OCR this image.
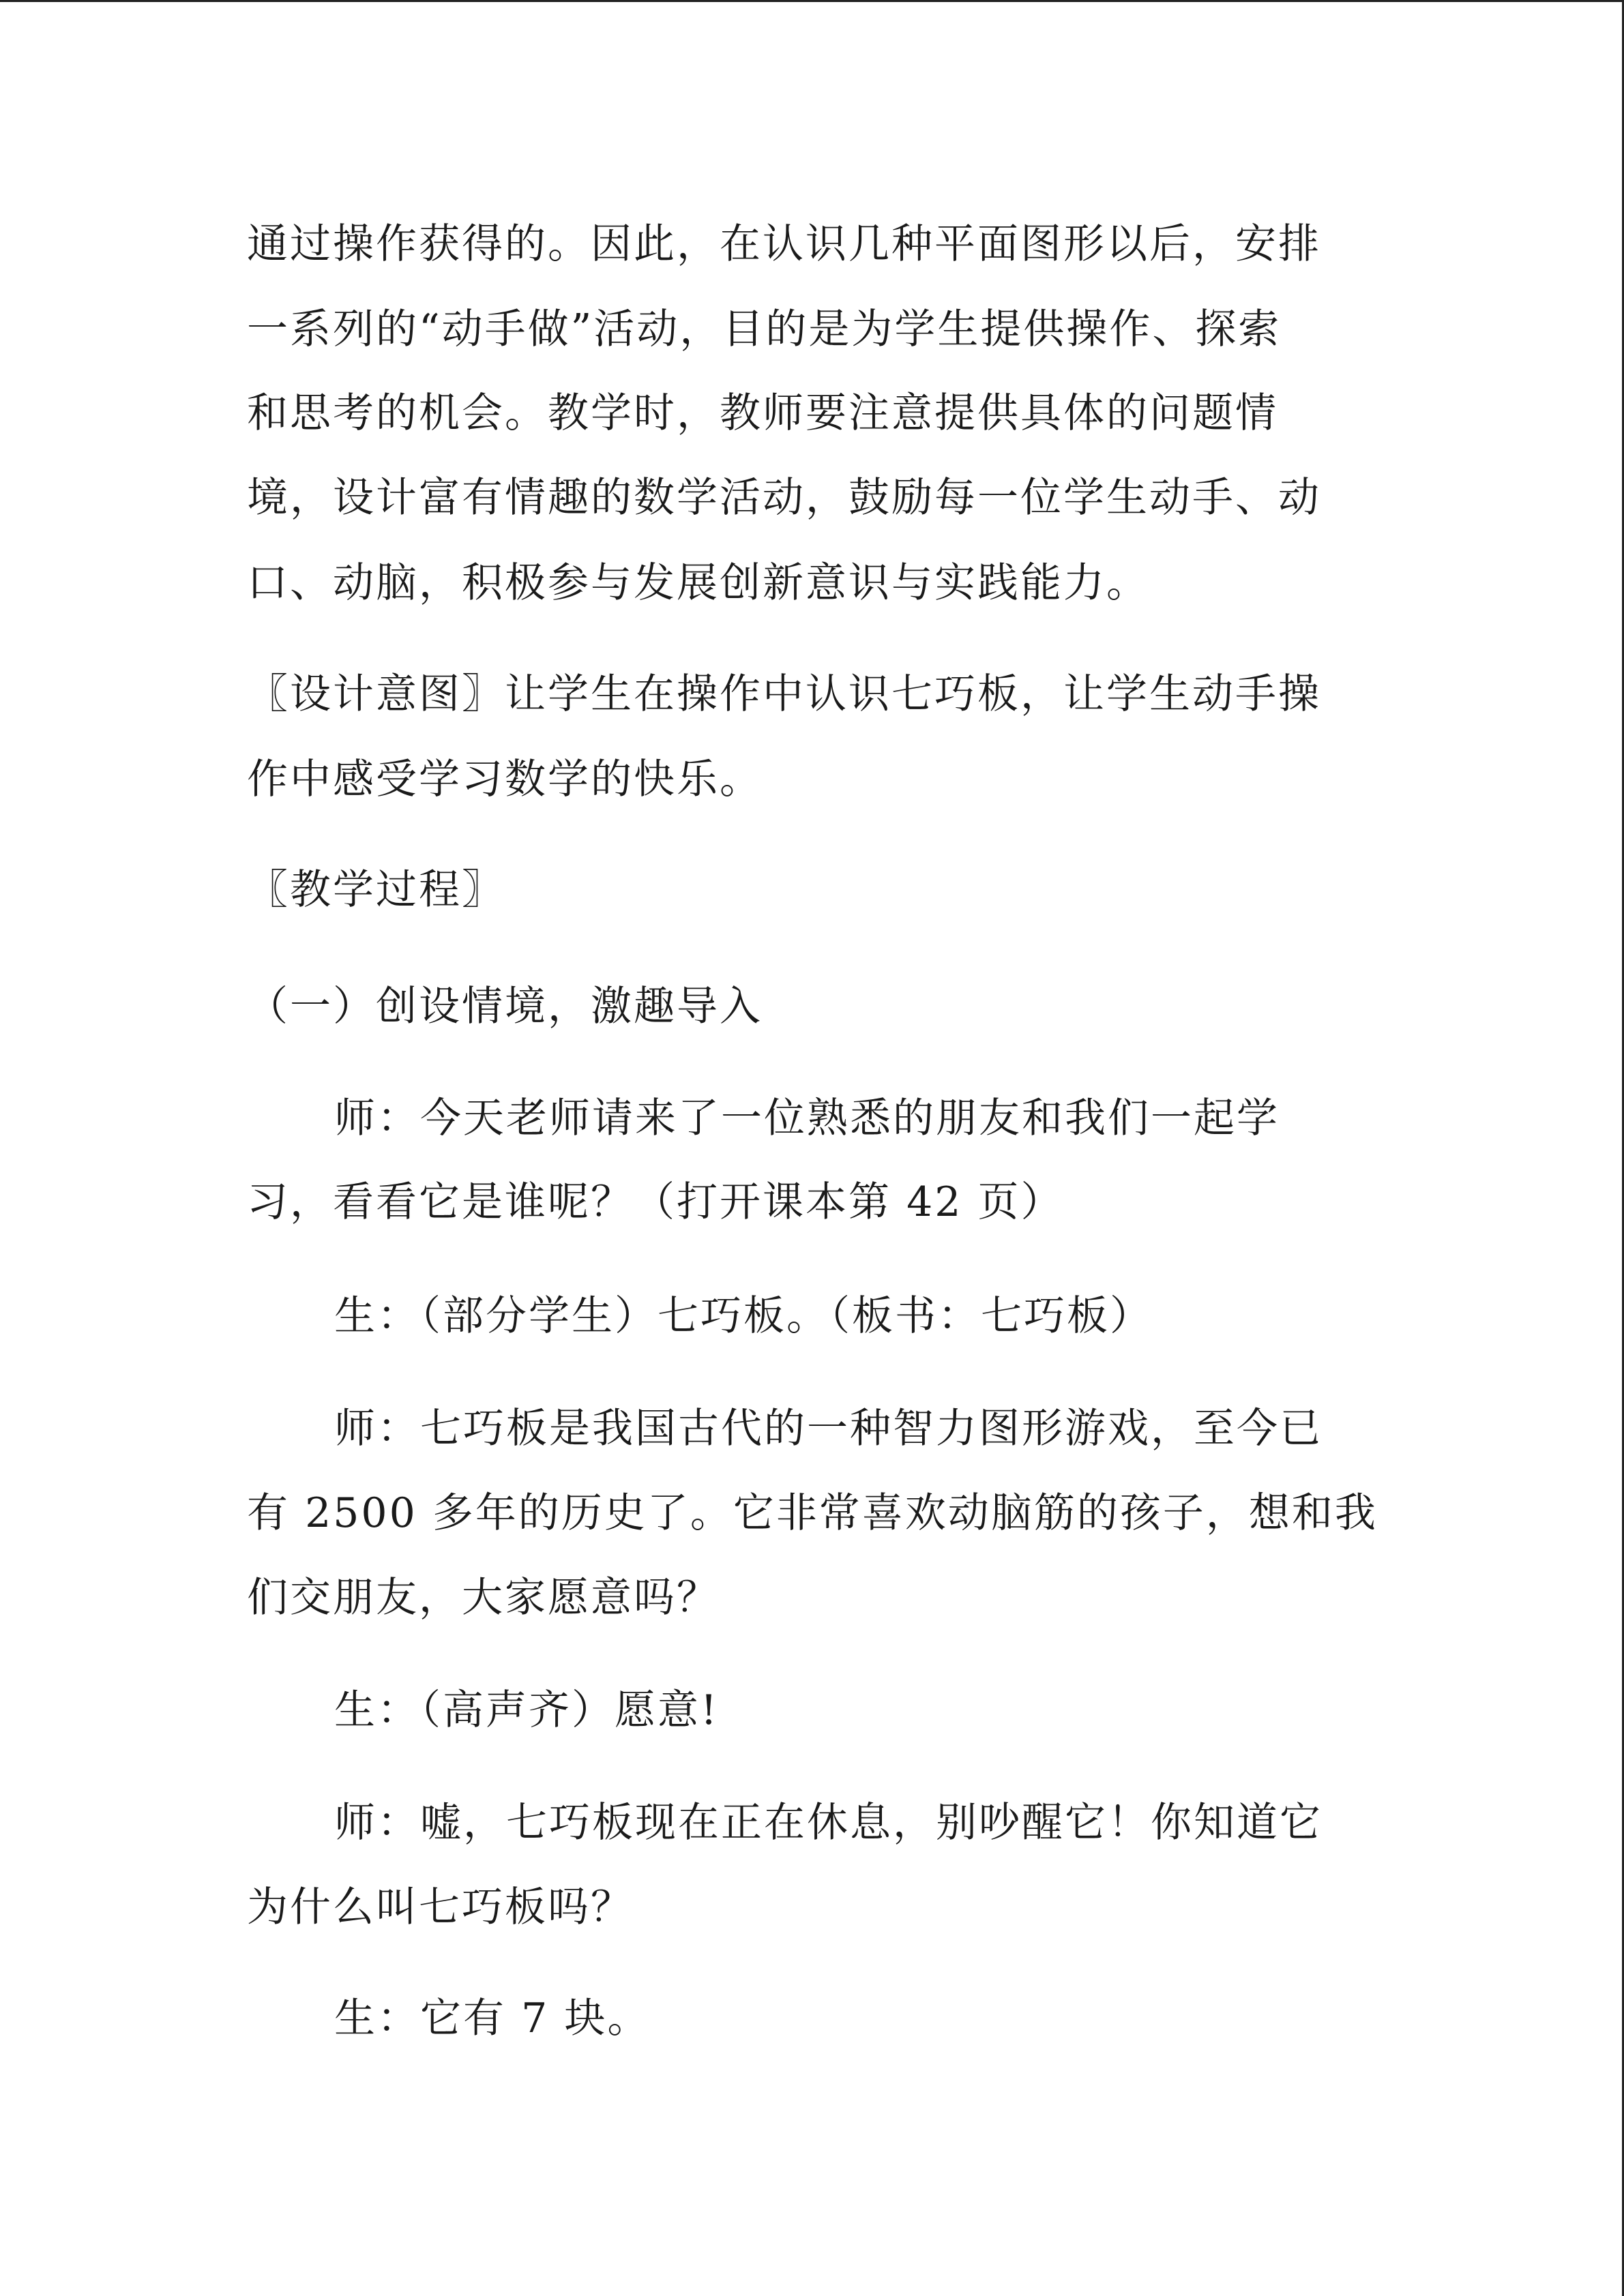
通过操作获得的。因此，在认识几种平面图形以后，安排

一系列的“动手做”活动，目的是为学生提供操作、探索

和思考的机会。教学时，教师要注意提供具体的问题情

境，设计富有情趣的数学活动，鼓励每一位学生动手、动

口、动脑，积极参与发展创新意识与实践能力。

〖设计意图〗让学生在操作中认识七巧板，让学生动手操

作中感受学习数学的快乐。

〖教学过程〗

（一）创设情境，激趣导入

师：今天老师请来了一位熟悉的朋友和我们一起学

习，看看它是谁呢？（打开课本第 42 页）

生：（部分学生）七巧板。（板书：七巧板）

师：七巧板是我国古代的一种智力图形游戏，至今已

有 2500 多年的历史了。它非常喜欢动脑筋的孩子，想和我

们交朋友，大家愿意吗？

生：（高声齐）愿意!

师：嘘，七巧板现在正在休息，别吵醒它！你知道它

为什么叫七巧板吗？

生：它有 7 块。
